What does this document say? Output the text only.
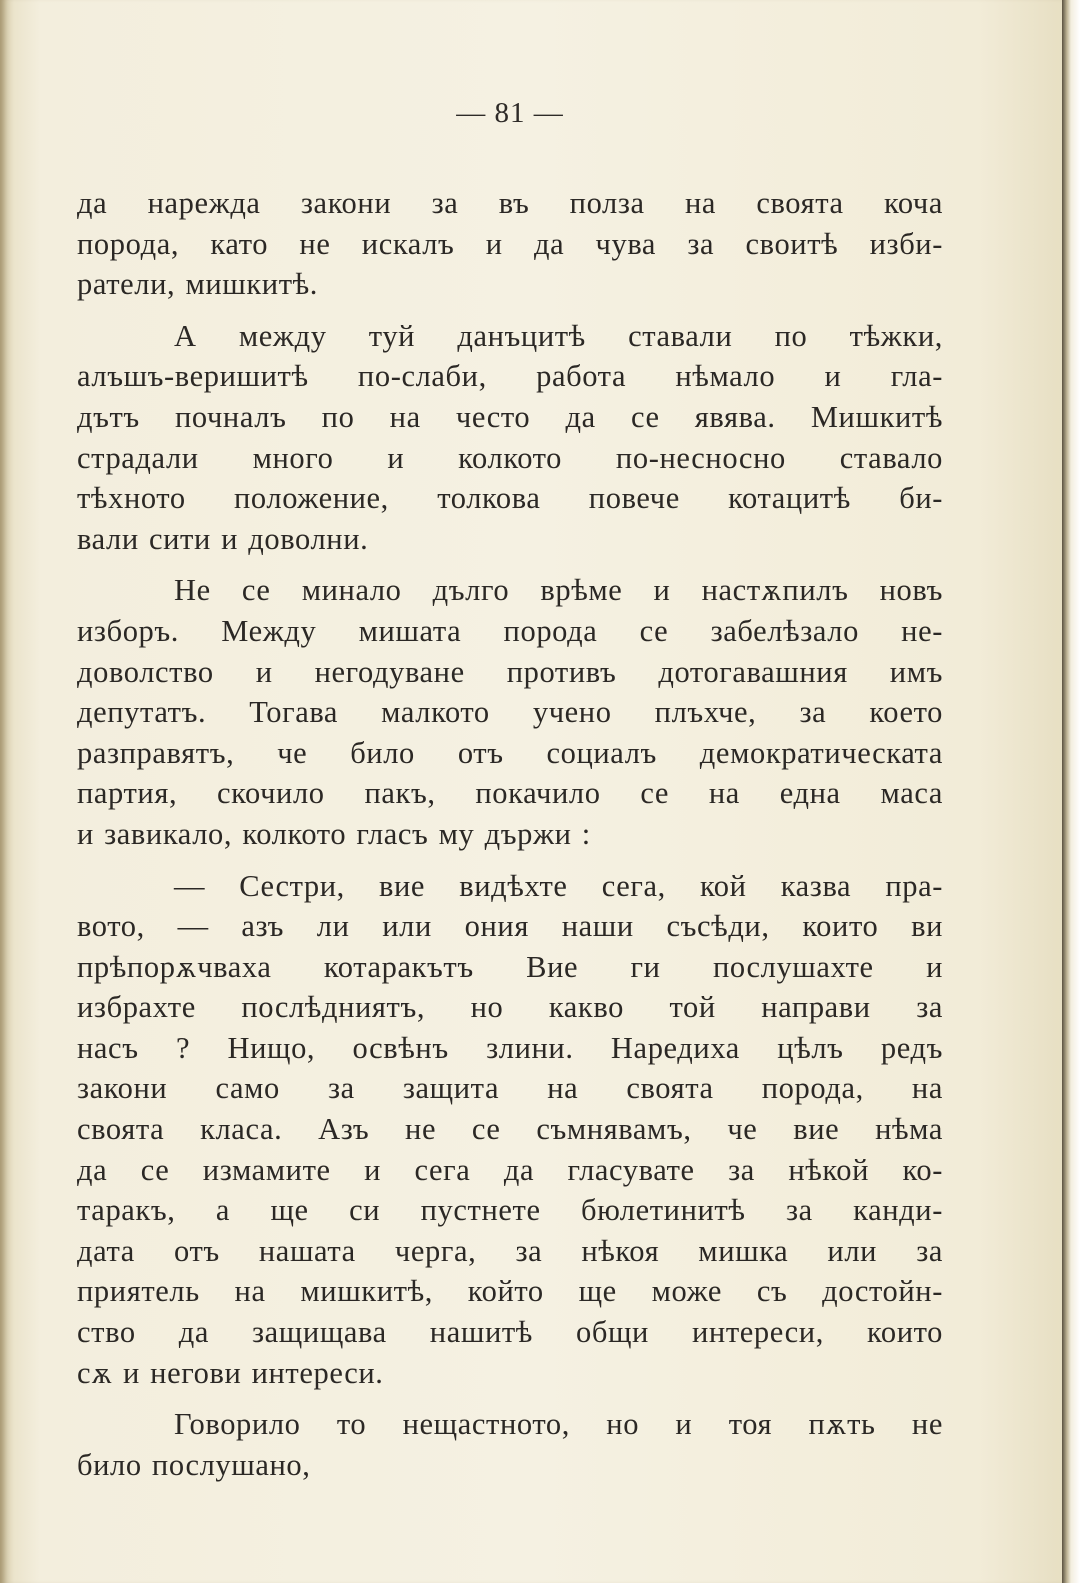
— 81 —

да нарежда закони за въ полза на своята коча
порода, като не искалъ и да чува за своитѣ изби-
ратели, мишкитѣ.

А между туй данъцитѣ ставали по тѣжки,
алъшъ-веришитѣ по-слаби, работа нѣмало и гла-
дътъ почналъ по на често да се явява. Мишкитѣ
страдали много и колкото по-несносно ставало
тѣхното положение, толкова повече котацитѣ би-
вали сити и доволни.

Не се минало дълго врѣме и настѫпилъ новъ
изборъ. Между мишата порода се забелѣзало не-
доволство и негодуване противъ дотогавашния имъ
депутатъ. Тогава малкото учено плъхче, за което
разправятъ, че било отъ социалъ демократическата
партия, скочило пакъ, покачило се на една маса
и завикало, колкото гласъ му държи :

— Сестри, вие видѣхте сега, кой казва пра-
вото, — азъ ли или ония наши съсѣди, които ви
прѣпорѫчваха котаракътъ Вие ги послушахте и
избрахте послѣдниятъ, но какво той направи за
насъ ? Нищо, освѣнъ злини. Наредиха цѣлъ редъ
закони само за защита на своята порода, на
своята класа. Азъ не се съмнявамъ, че вие нѣма
да се измамите и сега да гласувате за нѣкой ко-
таракъ, а ще си пустнете бюлетинитѣ за канди-
дата отъ нашата черга, за нѣкоя мишка или за
приятель на мишкитѣ, който ще може съ достойн-
ство да защищава нашитѣ общи интереси, които
сѫ и негови интереси.

Говорило то нещастното, но и тоя пѫть не
било послушано,
